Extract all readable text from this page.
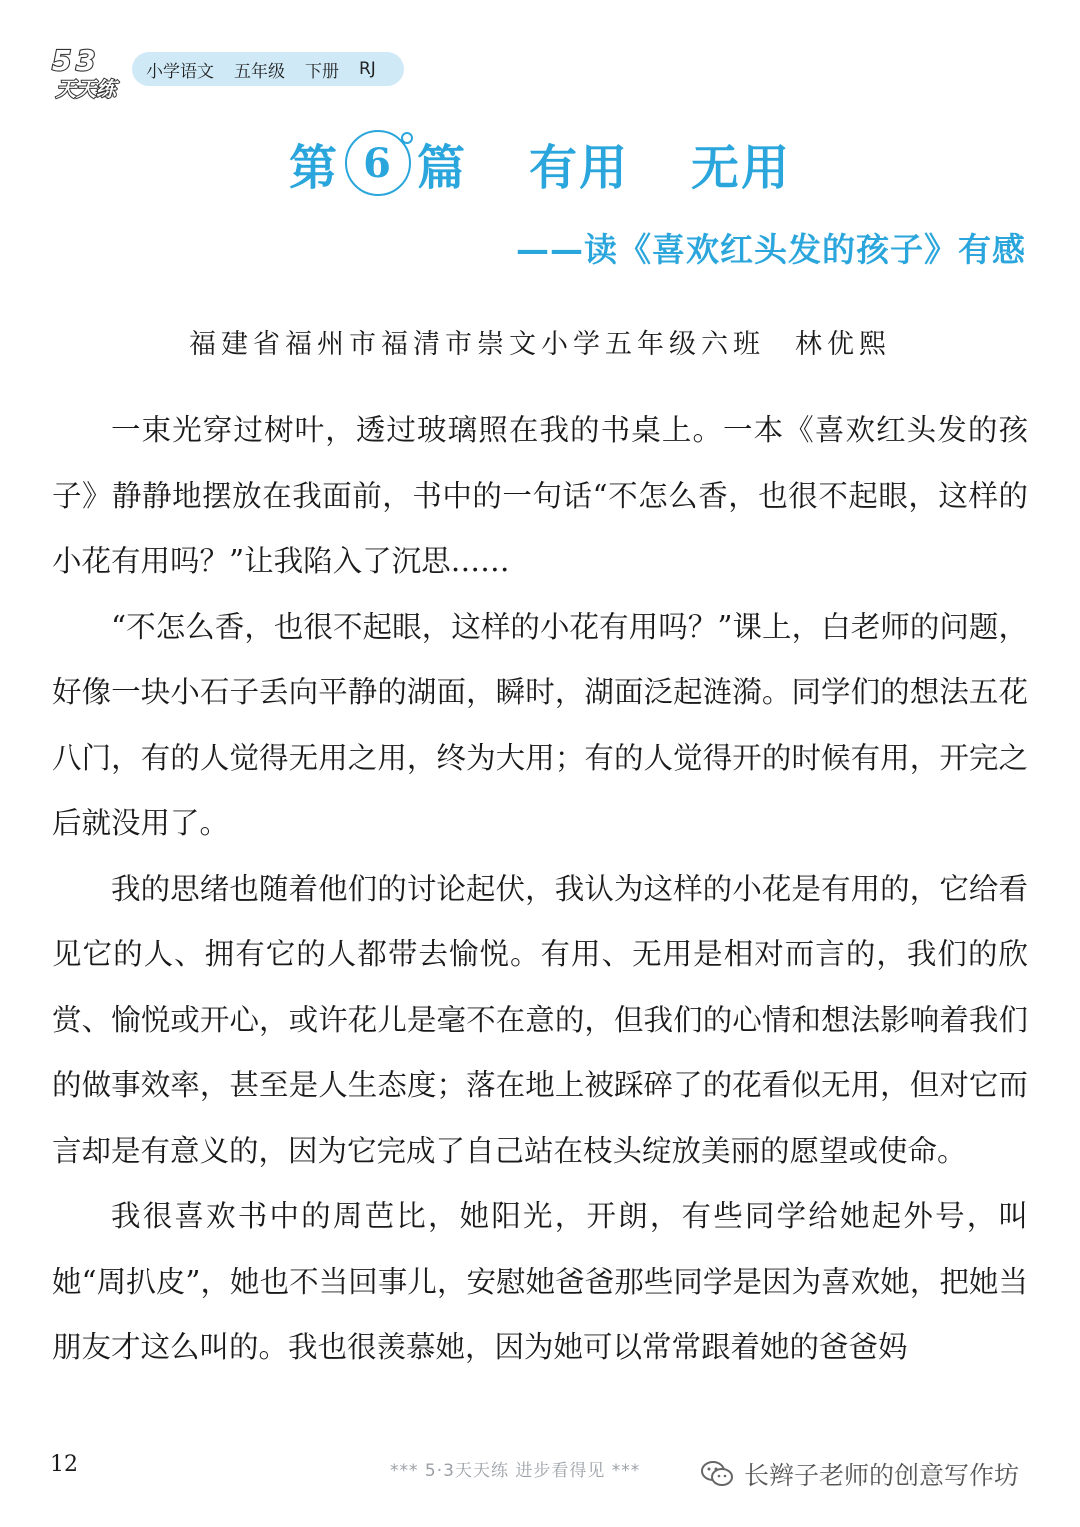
5 3
天天练
小学语文 五年级 下册 RJ
第 6 篇 有用 无用
——读《喜欢红头发的孩子》有感
福建省福州市福清市崇文小学五年级六班 林优熙

一束光穿过树叶，透过玻璃照在我的书桌上。一本《喜欢红头发的孩子》静静地摆放在我面前，书中的一句话“不怎么香，也很不起眼，这样的小花有用吗？”让我陷入了沉思……

“不怎么香，也很不起眼，这样的小花有用吗？”课上，白老师的问题，好像一块小石子丢向平静的湖面，瞬时，湖面泛起涟漪。同学们的想法五花八门，有的人觉得无用之用，终为大用；有的人觉得开的时候有用，开完之后就没用了。

我的思绪也随着他们的讨论起伏，我认为这样的小花是有用的，它给看见它的人、拥有它的人都带去愉悦。有用、无用是相对而言的，我们的欣赏、愉悦或开心，或许花儿是毫不在意的，但我们的心情和想法影响着我们的做事效率，甚至是人生态度；落在地上被踩碎了的花看似无用，但对它而言却是有意义的，因为它完成了自己站在枝头绽放美丽的愿望或使命。

我很喜欢书中的周芭比，她阳光，开朗，有些同学给她起外号，叫她“周扒皮”，她也不当回事儿，安慰她爸爸那些同学是因为喜欢她，把她当朋友才这么叫的。我也很羡慕她，因为她可以常常跟着她的爸爸妈

12	*** 5·3天天练 进步看得见 ***	长辫子老师的创意写作坊
